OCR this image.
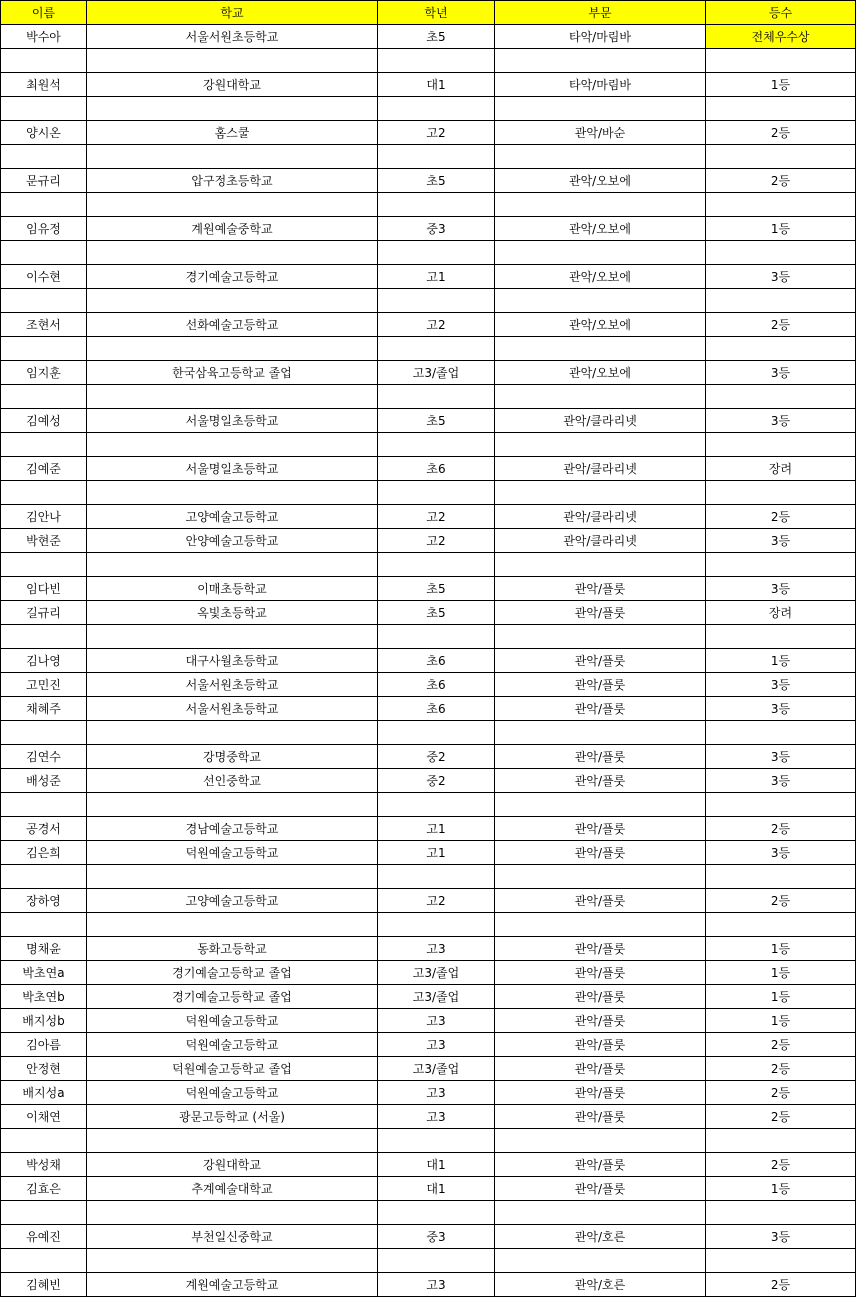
이름	학교	학년	부문	등수
박수아	서울서원초등학교	초5	타악/마림바	전체우수상

최원석	강원대학교	대1	타악/마림바	1등

양시온	홈스쿨	고2	관악/바순	2등

문규리	압구정초등학교	초5	관악/오보에	2등

임유정	계원예술중학교	중3	관악/오보에	1등

이수현	경기예술고등학교	고1	관악/오보에	3등

조현서	선화예술고등학교	고2	관악/오보에	2등

임지훈	한국삼육고등학교 졸업	고3/졸업	관악/오보에	3등

김예성	서울명일초등학교	초5	관악/클라리넷	3등

김예준	서울명일초등학교	초6	관악/클라리넷	장려

김안나	고양예술고등학교	고2	관악/클라리넷	2등
박현준	안양예술고등학교	고2	관악/클라리넷	3등

임다빈	이매초등학교	초5	관악/플룻	3등
길규리	옥빛초등학교	초5	관악/플룻	장려

김나영	대구사월초등학교	초6	관악/플룻	1등
고민진	서울서원초등학교	초6	관악/플룻	3등
채혜주	서울서원초등학교	초6	관악/플룻	3등

김연수	강명중학교	중2	관악/플룻	3등
배성준	선인중학교	중2	관악/플룻	3등

공경서	경남예술고등학교	고1	관악/플룻	2등
김은희	덕원예술고등학교	고1	관악/플룻	3등

장하영	고양예술고등학교	고2	관악/플룻	2등

명채윤	동화고등학교	고3	관악/플룻	1등
박초연a	경기예술고등학교 졸업	고3/졸업	관악/플룻	1등
박초연b	경기예술고등학교 졸업	고3/졸업	관악/플룻	1등
배지성b	덕원예술고등학교	고3	관악/플룻	1등
김아름	덕원예술고등학교	고3	관악/플룻	2등
안정현	덕원예술고등학교 졸업	고3/졸업	관악/플룻	2등
배지성a	덕원예술고등학교	고3	관악/플룻	2등
이채연	광문고등학교 (서울)	고3	관악/플룻	2등

박성채	강원대학교	대1	관악/플룻	2등
김효은	추계예술대학교	대1	관악/플룻	1등

유예진	부천일신중학교	중3	관악/호른	3등

김혜빈	계원예술고등학교	고3	관악/호른	2등
